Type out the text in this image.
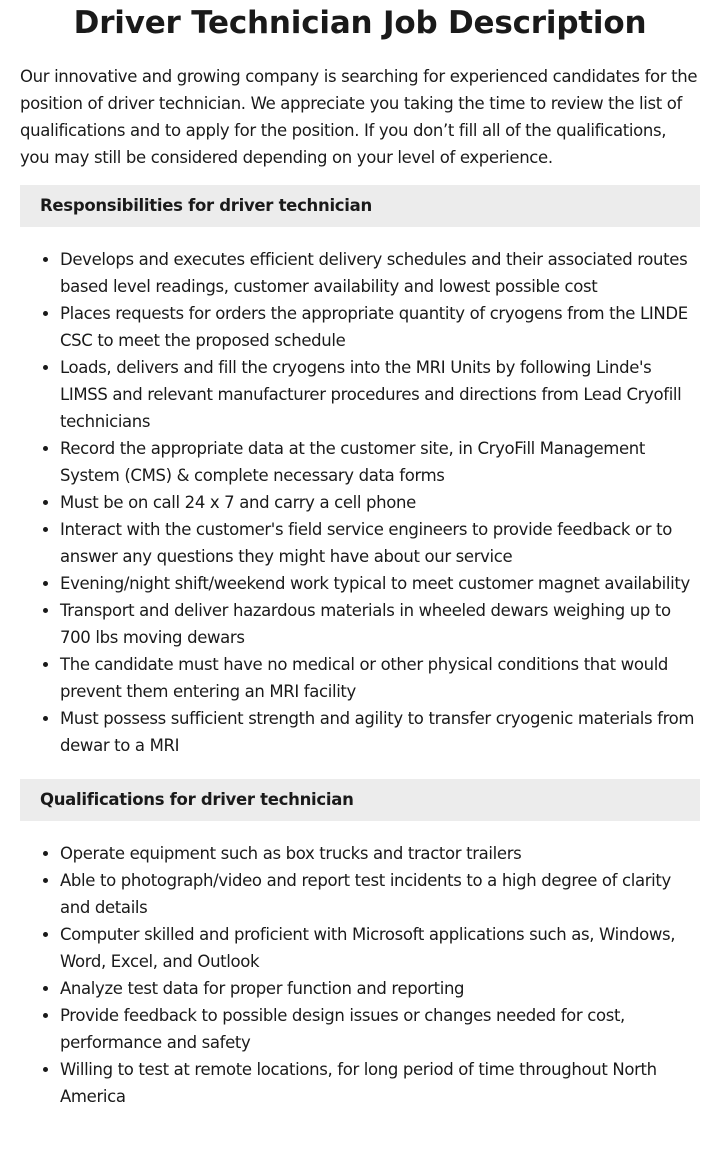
Driver Technician Job Description

Our innovative and growing company is searching for experienced candidates for the position of driver technician. We appreciate you taking the time to review the list of qualifications and to apply for the position. If you don’t fill all of the qualifications, you may still be considered depending on your level of experience.

Responsibilities for driver technician
• Develops and executes efficient delivery schedules and their associated routes based level readings, customer availability and lowest possible cost
• Places requests for orders the appropriate quantity of cryogens from the LINDE CSC to meet the proposed schedule
• Loads, delivers and fill the cryogens into the MRI Units by following Linde's LIMSS and relevant manufacturer procedures and directions from Lead Cryofill technicians
• Record the appropriate data at the customer site, in CryoFill Management System (CMS) & complete necessary data forms
• Must be on call 24 x 7 and carry a cell phone
• Interact with the customer's field service engineers to provide feedback or to answer any questions they might have about our service
• Evening/night shift/weekend work typical to meet customer magnet availability
• Transport and deliver hazardous materials in wheeled dewars weighing up to 700 lbs moving dewars
• The candidate must have no medical or other physical conditions that would prevent them entering an MRI facility
• Must possess sufficient strength and agility to transfer cryogenic materials from dewar to a MRI
Qualifications for driver technician
• Operate equipment such as box trucks and tractor trailers
• Able to photograph/video and report test incidents to a high degree of clarity and details
• Computer skilled and proficient with Microsoft applications such as, Windows, Word, Excel, and Outlook
• Analyze test data for proper function and reporting
• Provide feedback to possible design issues or changes needed for cost, performance and safety
• Willing to test at remote locations, for long period of time throughout North America
